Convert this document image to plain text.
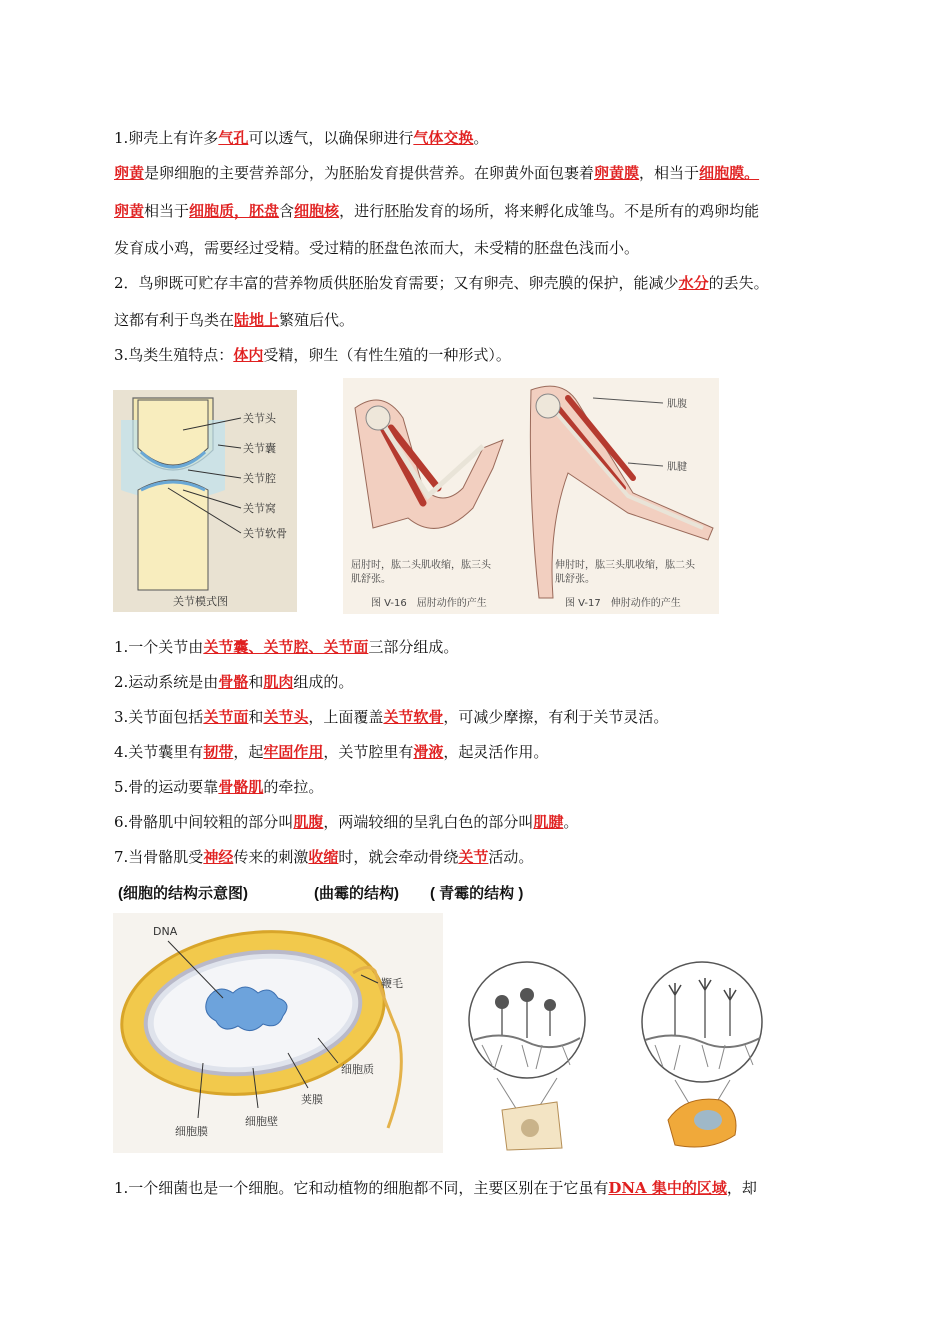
1.卵壳上有许多气孔可以透气，以确保卵进行气体交换。
卵黄是卵细胞的主要营养部分，为胚胎发育提供营养。在卵黄外面包裹着卵黄膜，相当于细胞膜。
卵黄相当于细胞质，胚盘含细胞核，进行胚胎发育的场所，将来孵化成雏鸟。不是所有的鸡卵均能
发育成小鸡，需要经过受精。受过精的胚盘色浓而大，未受精的胚盘色浅而小。
2．鸟卵既可贮存丰富的营养物质供胚胎发育需要；又有卵壳、卵壳膜的保护，能减少水分的丢失。
这都有利于鸟类在陆地上繁殖后代。
3.鸟类生殖特点：体内受精，卵生（有性生殖的一种形式）。
关节头
关节囊
关节腔
关节窝
关节软骨
关节模式图
肌腹
肌腱
屈肘时，肱二头肌收缩，肱三头
肌舒张。
图 V-16　屈肘动作的产生
伸肘时，肱三头肌收缩，肱二头
肌舒张。
图 V-17　伸肘动作的产生
1.一个关节由关节囊、关节腔、关节面三部分组成。
2.运动系统是由骨骼和肌肉组成的。
3.关节面包括关节面和关节头，上面覆盖关节软骨，可减少摩擦，有利于关节灵活。
4.关节囊里有韧带，起牢固作用，关节腔里有滑液，起灵活作用。
5.骨的运动要靠骨骼肌的牵拉。
6.骨骼肌中间较粗的部分叫肌腹，两端较细的呈乳白色的部分叫肌腱。
7.当骨骼肌受神经传来的刺激收缩时，就会牵动骨绕关节活动。
(细胞的结构示意图)	(曲霉的结构) ( 青霉的结构 )
DNA
鞭毛
细胞质
荚膜
细胞壁
细胞膜
1.一个细菌也是一个细胞。它和动植物的细胞都不同，主要区别在于它虽有DNA 集中的区域，却
